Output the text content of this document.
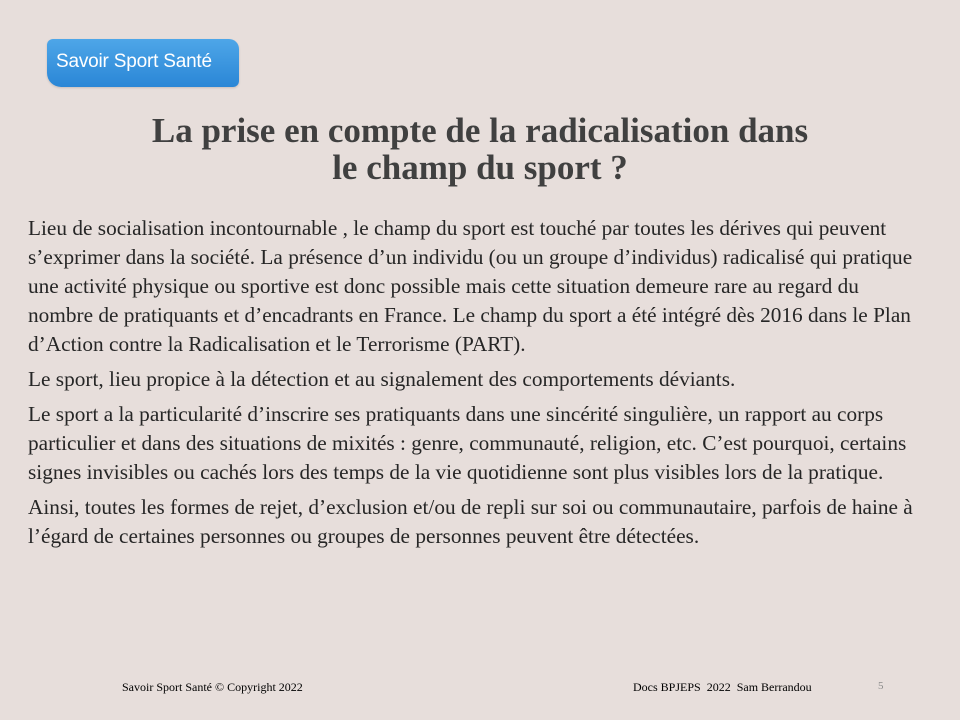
Savoir Sport Santé
La prise en compte de la radicalisation dans
le champ du sport ?

Lieu de socialisation incontournable , le champ du sport est touché par toutes les dérives qui peuvent s’exprimer dans la société. La présence d’un individu (ou un groupe d’individus) radicalisé qui pratique une activité physique ou sportive est donc possible mais cette situation demeure rare au regard du nombre de pratiquants et d’encadrants en France. Le champ du sport a été intégré dès 2016 dans le Plan d’Action contre la Radicalisation et le Terrorisme (PART).

Le sport, lieu propice à la détection et au signalement des comportements déviants.

Le sport a la particularité d’inscrire ses pratiquants dans une sincérité singulière, un rapport au corps particulier et dans des situations de mixités : genre, communauté, religion, etc. C’est pourquoi, certains signes invisibles ou cachés lors des temps de la vie quotidienne sont plus visibles lors de la pratique.

Ainsi, toutes les formes de rejet, d’exclusion et/ou de repli sur soi ou communautaire, parfois de haine à l’égard de certaines personnes ou groupes de personnes peuvent être détectées.

Savoir Sport Santé © Copyright 2022	Docs BPJEPS  2022  Sam Berrandou	5
